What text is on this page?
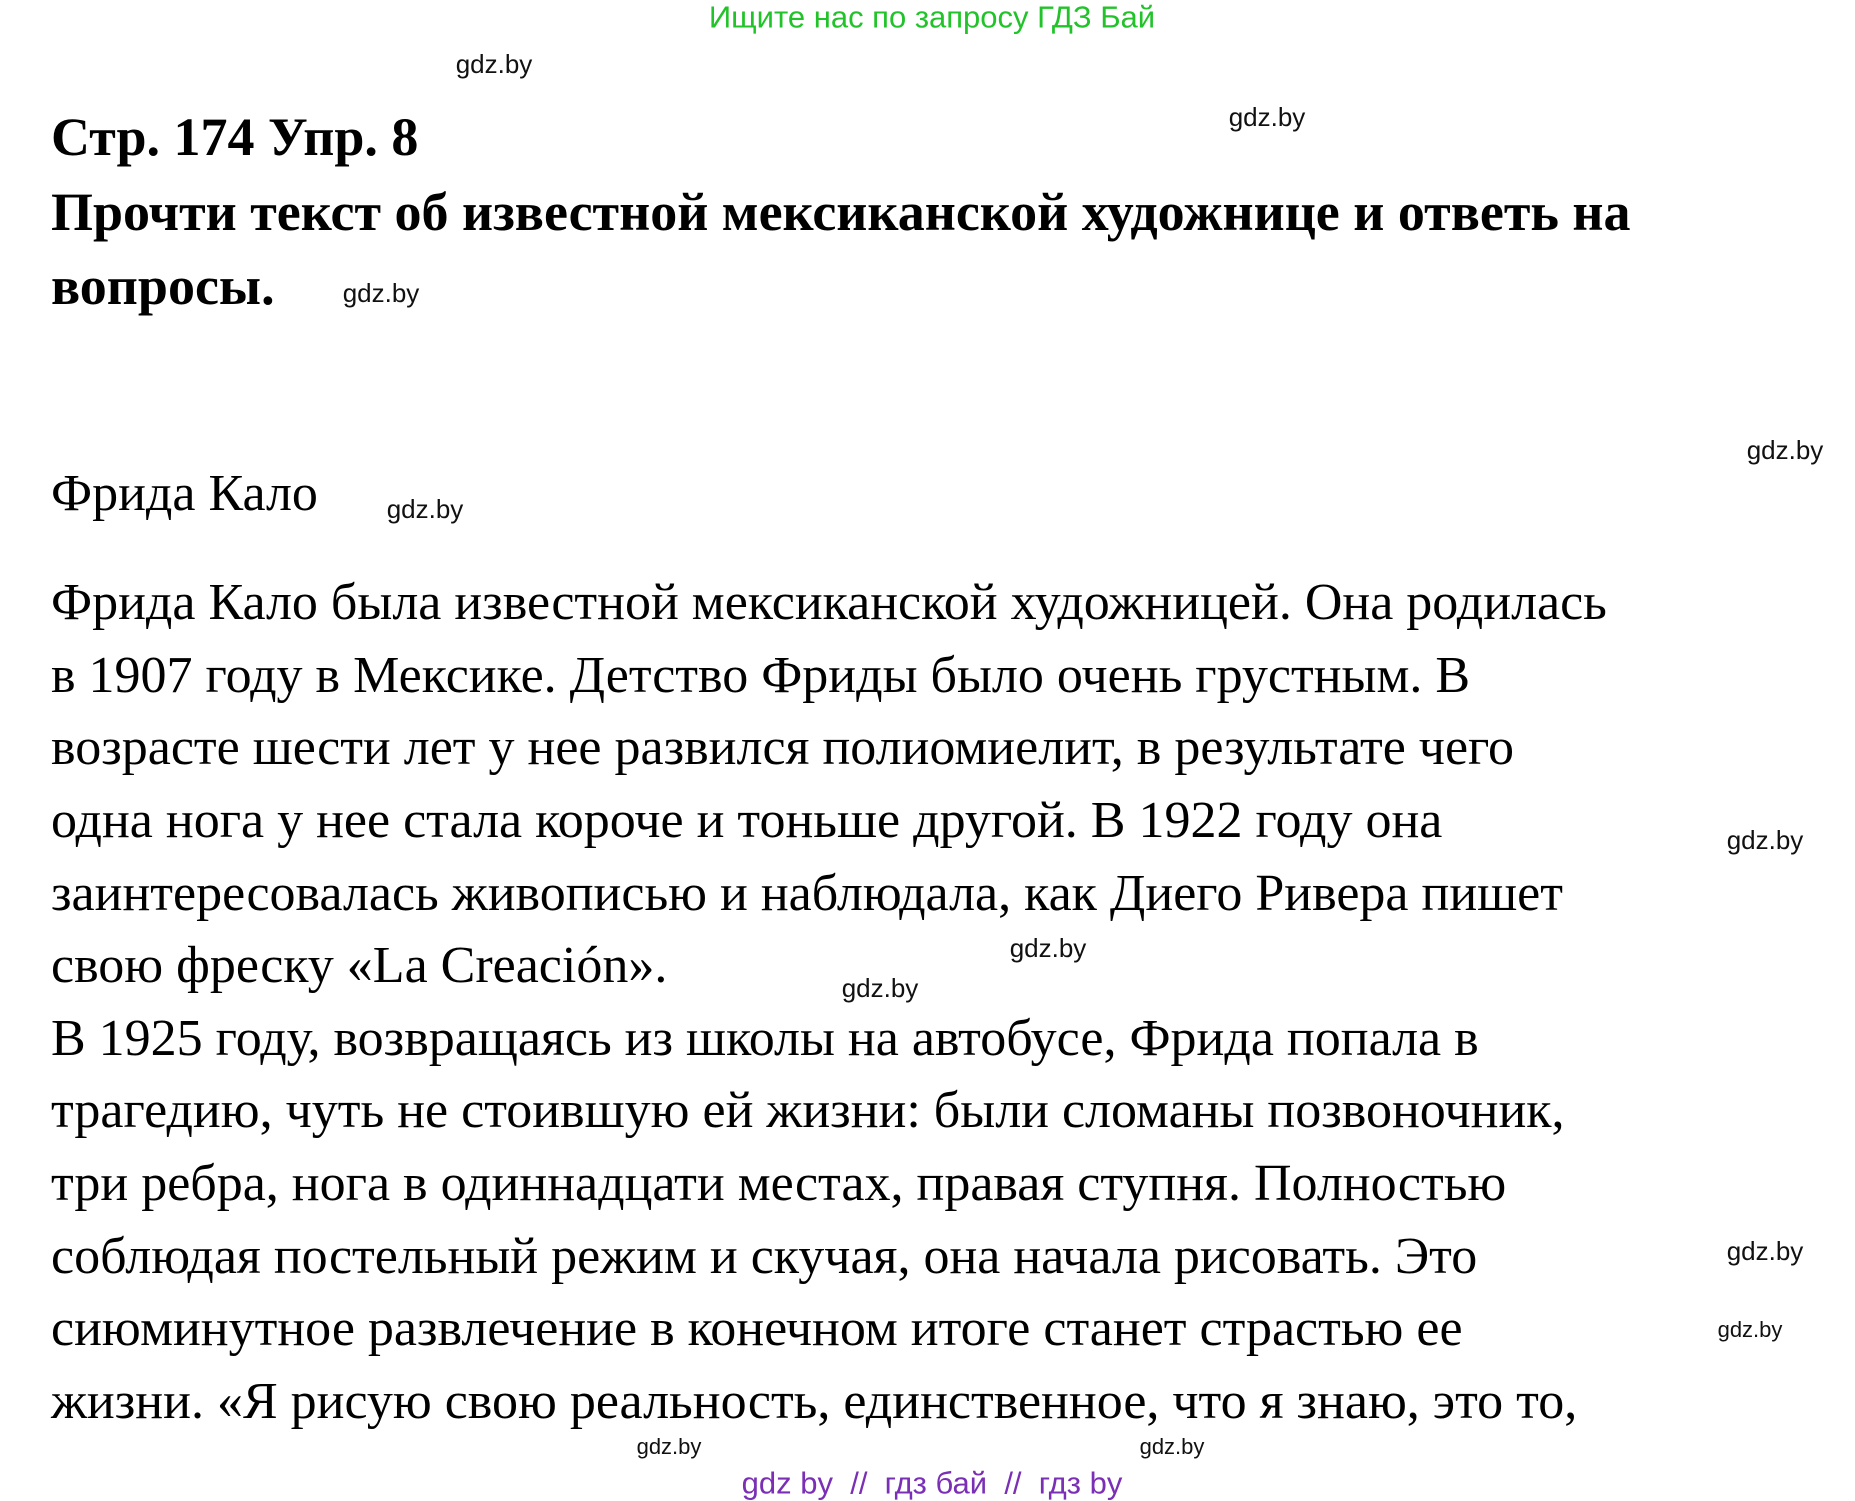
Ищите нас по запросу ГДЗ Бай
Стр. 174 Упр. 8
Прочти текст об известной мексиканской художнице и ответь на
вопросы.
Фрида Кало
Фрида Кало была известной мексиканской художницей. Она родилась
в 1907 году в Мексике. Детство Фриды было очень грустным. В
возрасте шести лет у нее развился полиомиелит, в результате чего
одна нога у нее стала короче и тоньше другой. В 1922 году она
заинтересовалась живописью и наблюдала, как Диего Ривера пишет
свою фреску «La Creación».
В 1925 году, возвращаясь из школы на автобусе, Фрида попала в
трагедию, чуть не стоившую ей жизни: были сломаны позвоночник,
три ребра, нога в одиннадцати местах, правая ступня. Полностью
соблюдая постельный режим и скучая, она начала рисовать. Это
сиюминутное развлечение в конечном итоге станет страстью ее
жизни. «Я рисую свою реальность, единственное, что я знаю, это то,
gdz.by
gdz.by
gdz.by
gdz.by
gdz.by
gdz.by
gdz.by
gdz.by
gdz.by
gdz.by
gdz.by	gdz.by
gdz by  //  гдз бай  //  гдз by
